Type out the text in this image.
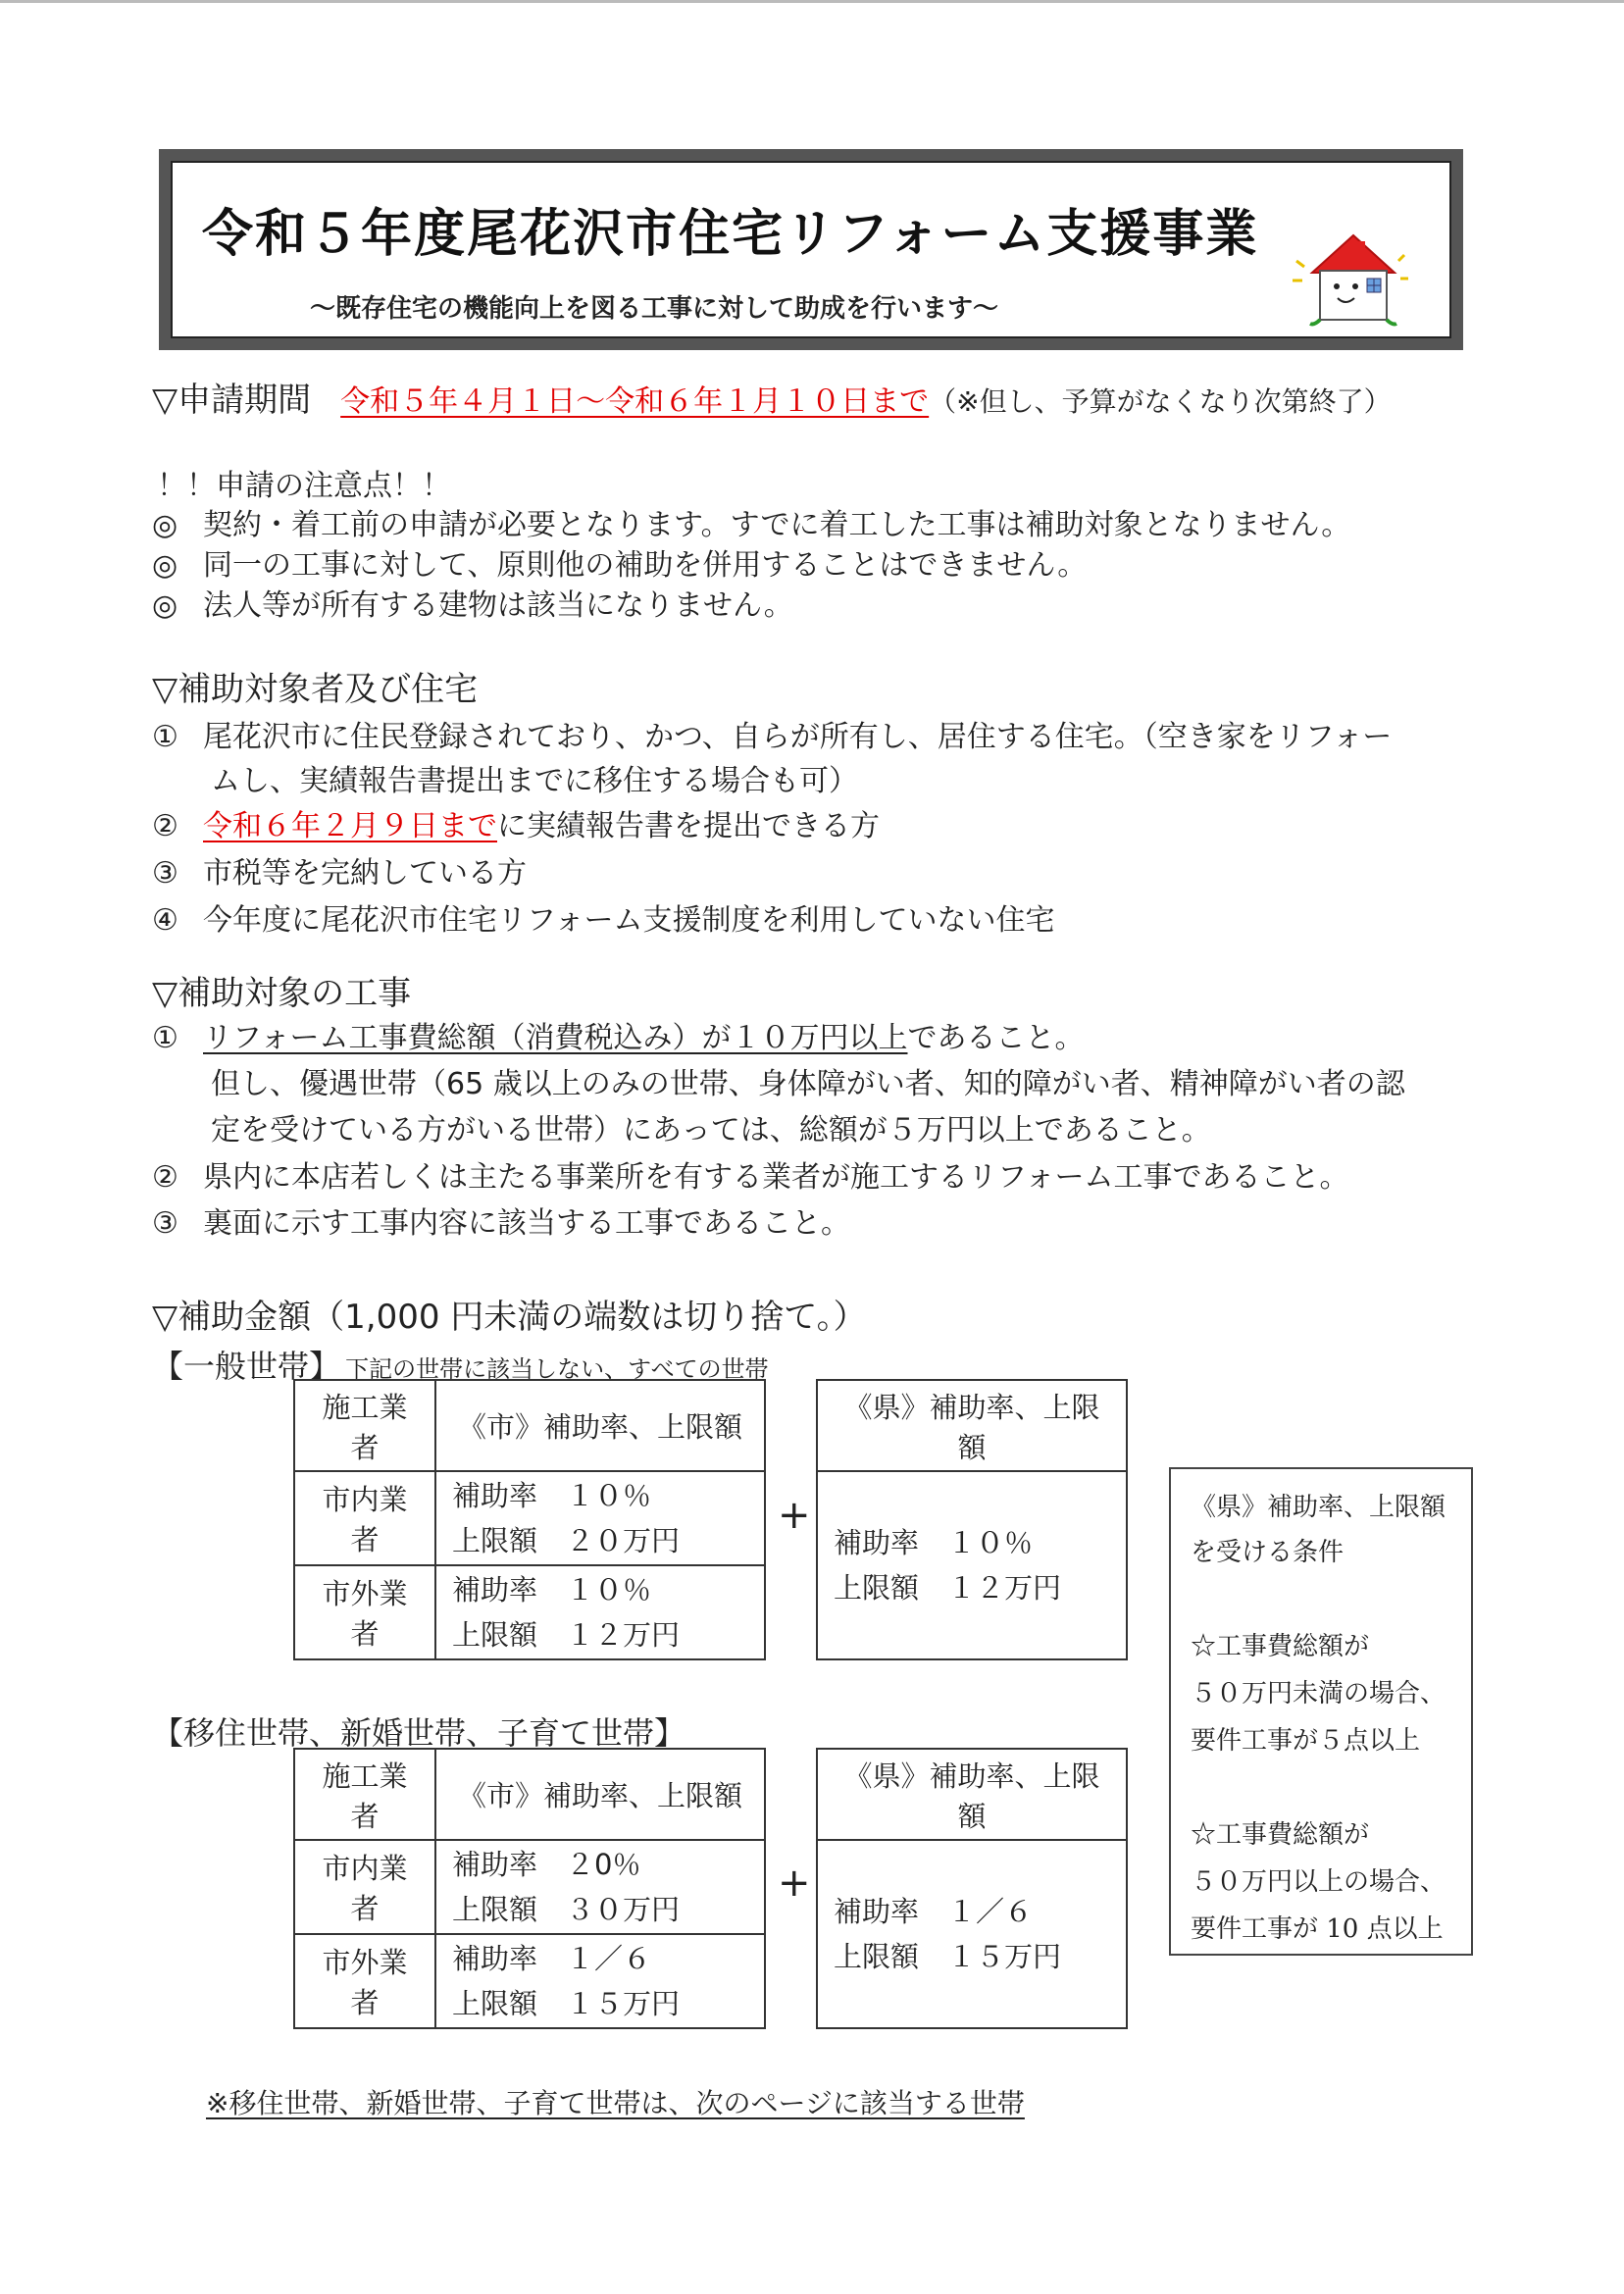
令和５年度尾花沢市住宅リフォーム支援事業
～既存住宅の機能向上を図る工事に対して助成を行います～
▽申請期間 令和５年４月１日～令和６年１月１０日まで（※但し、予算がなくなり次第終了）
！！申請の注意点！！
◎ 契約・着工前の申請が必要となります。すでに着工した工事は補助対象となりません。
◎ 同一の工事に対して、原則他の補助を併用することはできません。
◎ 法人等が所有する建物は該当になりません。
▽補助対象者及び住宅
① 尾花沢市に住民登録されており、かつ、自らが所有し、居住する住宅。（空き家をリフォー
ムし、実績報告書提出までに移住する場合も可）
② 令和６年２月９日までに実績報告書を提出できる方
③ 市税等を完納している方
④ 今年度に尾花沢市住宅リフォーム支援制度を利用していない住宅
▽補助対象の工事
① リフォーム工事費総額（消費税込み）が１０万円以上であること。
但し、優遇世帯（65 歳以上のみの世帯、身体障がい者、知的障がい者、精神障がい者の認
定を受けている方がいる世帯）にあっては、総額が５万円以上であること。
② 県内に本店若しくは主たる事業所を有する業者が施工するリフォーム工事であること。
③ 裏面に示す工事内容に該当する工事であること。
▽補助金額（1,000 円未満の端数は切り捨て。）
【一般世帯】 下記の世帯に該当しない、すべての世帯
施工業者	《市》補助率、上限額
市内業者	補助率　１０％
上限額　２０万円

市外業者	補助率　１０％
上限額　１２万円
+
《県》補助率、上限額

補助率　１０％
上限額　１２万円
【移住世帯、新婚世帯、子育て世帯】
施工業者	《市》補助率、上限額
市内業者	補助率　２0％
上限額　３０万円

市外業者	補助率　１／６
上限額　１５万円
+
《県》補助率、上限額

補助率　１／６
上限額　１５万円
《県》補助率、上限額
を受ける条件
☆工事費総額が
５０万円未満の場合、
要件工事が５点以上
☆工事費総額が
５０万円以上の場合、
要件工事が 10 点以上
※移住世帯、新婚世帯、子育て世帯は、次のページに該当する世帯
